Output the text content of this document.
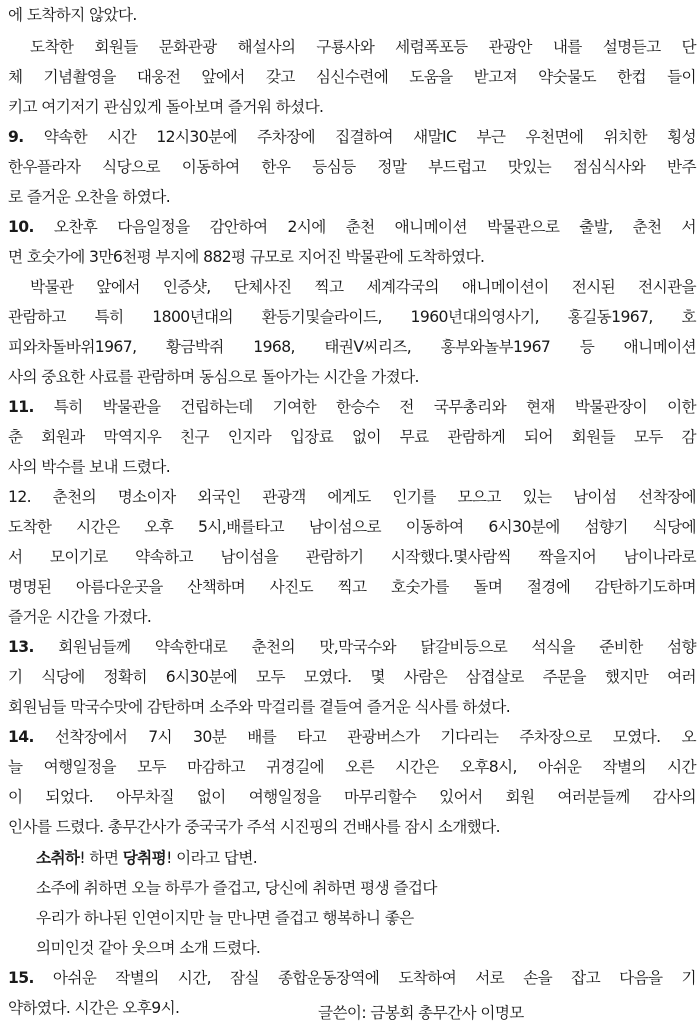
에 도착하지 않았다.
도착한 회원들 문화관광 해설사의 구룡사와 세렴폭포등 관광안 내를 설명듣고 단
체 기념촬영을 대웅전 앞에서 갖고 심신수련에 도움을 받고져 약숫물도 한컵 들이
키고 여기저기 관심있게 돌아보며 즐거워 하셨다.
9. 약속한 시간 12시30분에 주차장에 집결하여 새말IC 부근 우천면에 위치한 횡성
한우플라자 식당으로 이동하여 한우 등심등 정말 부드럽고 맛있는 점심식사와 반주
로 즐거운 오찬을 하였다.
10. 오찬후 다음일정을 감안하여 2시에 춘천 애니메이션 박물관으로 출발, 춘천 서
면 호숫가에 3만6천평 부지에 882평 규모로 지어진 박물관에 도착하였다.
박물관 앞에서 인증샷, 단체사진 찍고 세계각국의 애니메이션이 전시된 전시관을
관람하고 특히 1800년대의 환등기및슬라이드, 1960년대의영사기, 홍길동1967, 호
피와차돌바위1967, 황금박쥐 1968, 태권V씨리즈, 홍부와놀부1967 등 애니메이션
사의 중요한 사료를 관람하며 동심으로 돌아가는 시간을 가졌다.
11. 특히 박물관을 건립하는데 기여한 한승수 전 국무총리와 현재 박물관장이 이한
춘 회원과 막역지우 친구 인지라 입장료 없이 무료 관람하게 되어 회원들 모두 감
사의 박수를 보내 드렸다.
12. 춘천의 명소이자 외국인 관광객 에게도 인기를 모으고 있는 남이섬 선착장에
도착한 시간은 오후 5시,배를타고 남이섬으로 이동하여 6시30분에 섬향기 식당에
서 모이기로 약속하고 남이섬을 관람하기 시작했다.몇사람씩 짝을지어 남이나라로
명명된 아름다운곳을 산책하며 사진도 찍고 호숫가를 돌며 절경에 감탄하기도하며
즐거운 시간을 가졌다.
13. 회원님들께 약속한대로 춘천의 맛,막국수와 닭갈비등으로 석식을 준비한 섬향
기 식당에 정확히 6시30분에 모두 모였다. 몇 사람은 삼겹살로 주문을 했지만 여러
회원님들 막국수맛에 감탄하며 소주와 막걸리를 곁들여 즐거운 식사를 하셨다.
14. 선착장에서 7시 30분 배를 타고 관광버스가 기다리는 주차장으로 모였다. 오
늘 여행일정을 모두 마감하고 귀경길에 오른 시간은 오후8시, 아쉬운 작별의 시간
이 되었다. 아무차질 없이 여행일정을 마무리할수 있어서 회원 여러분들께 감사의
인사를 드렸다. 총무간사가 중국국가 주석 시진핑의 건배사를 잠시 소개했다.
소취하! 하면 당취평! 이라고 답변.
소주에 취하면 오늘 하루가 즐겁고, 당신에 취하면 평생 즐겁다
우리가 하나된 인연이지만 늘 만나면 즐겁고 행복하니 좋은
의미인것 같아 웃으며 소개 드렸다.
15. 아쉬운 작별의 시간, 잠실 종합운동장역에 도착하여 서로 손을 잡고 다음을 기
약하였다. 시간은 오후9시.	글쓴이: 금봉회 총무간사 이명모
